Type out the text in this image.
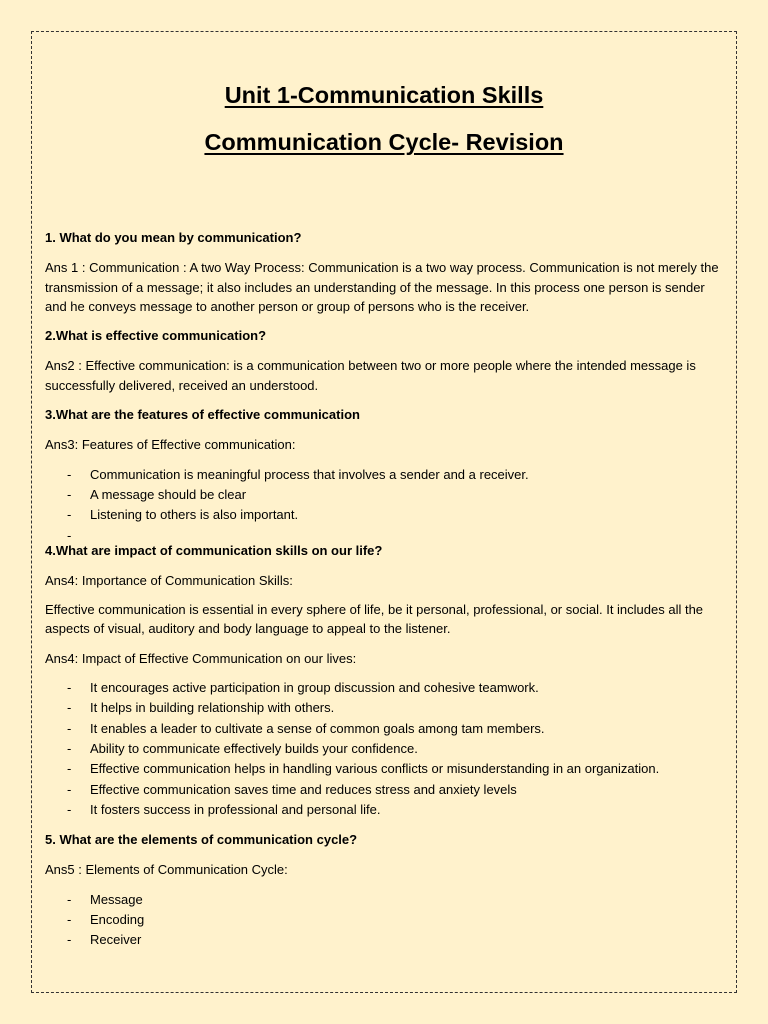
Unit 1-Communication Skills
Communication Cycle- Revision

1. What do you mean by communication?

Ans 1 : Communication : A two Way Process: Communication is a two way process. Communication is not merely the transmission of a message; it also includes an understanding of the message. In this process one person is sender and he conveys message to another person or group of persons who is the receiver.

2.What is effective communication?

Ans2 : Effective communication: is a communication between two or more people where the intended message is successfully delivered, received an understood.

3.What are the features of effective communication

Ans3: Features of Effective communication:

- Communication is meaningful process that involves a sender and a receiver.
- A message should be clear
- Listening to others is also important.

4.What are impact of communication skills on our life?

Ans4: Importance of Communication Skills:

Effective communication is essential in every sphere of life, be it personal, professional, or social. It includes all the aspects of visual, auditory and body language to appeal to the listener.

Ans4: Impact of Effective Communication on our lives:

- It encourages active participation in group discussion and cohesive teamwork.
- It helps in building relationship with others.
- It enables a leader to cultivate a sense of common goals among tam members.
- Ability to communicate effectively builds your confidence.
- Effective communication helps in handling various conflicts or misunderstanding in an organization.
- Effective communication saves time and reduces stress and anxiety levels
- It fosters success in professional and personal life.

5. What are the elements of communication cycle?

Ans5 : Elements of Communication Cycle:

- Message
- Encoding
- Receiver
